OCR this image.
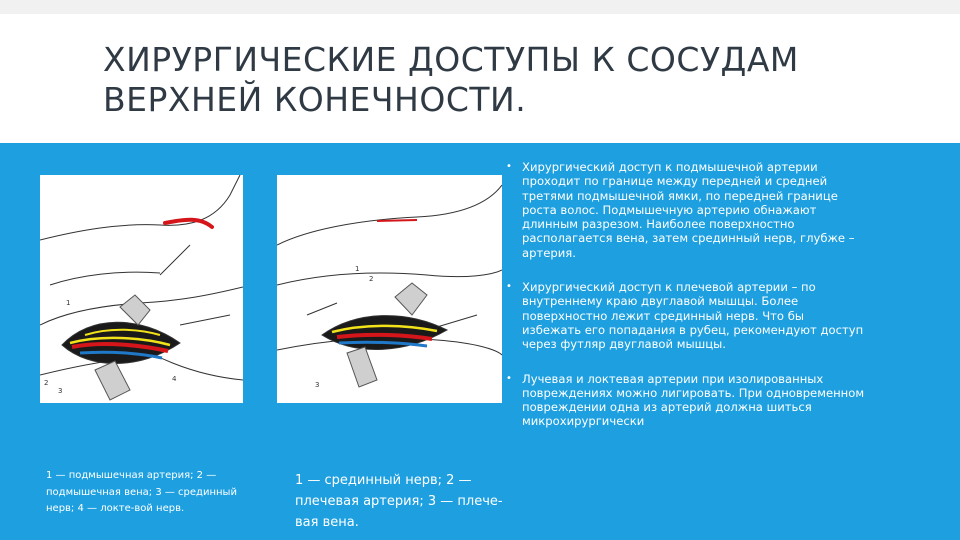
ХИРУРГИЧЕСКИЕ ДОСТУПЫ К СОСУДАМ ВЕРХНЕЙ КОНЕЧНОСТИ.
1
2
3
4
1
2
3
1 — подмышечная артерия; 2 — подмышечная вена; 3 — срединный нерв; 4 — локте-вой нерв.
1 — срединный нерв; 2 — плечевая артерия; 3 — плече-вая вена.
• Хирургический доступ к подмышечной артерии проходит по границе между передней и средней третями подмышечной ямки, по передней границе роста волос. Подмышечную артерию обнажают длинным разрезом. Наиболее поверхностно располагается вена, затем срединный нерв, глубже – артерия.
• Хирургический доступ к плечевой артерии – по внутреннему краю двуглавой мышцы. Более поверхностно лежит срединный нерв. Что бы избежать его попадания в рубец, рекомендуют доступ через футляр двуглавой мышцы.
• Лучевая и локтевая артерии при изолированных повреждениях можно лигировать. При одновременном повреждении одна из артерий должна шиться микрохирургически
